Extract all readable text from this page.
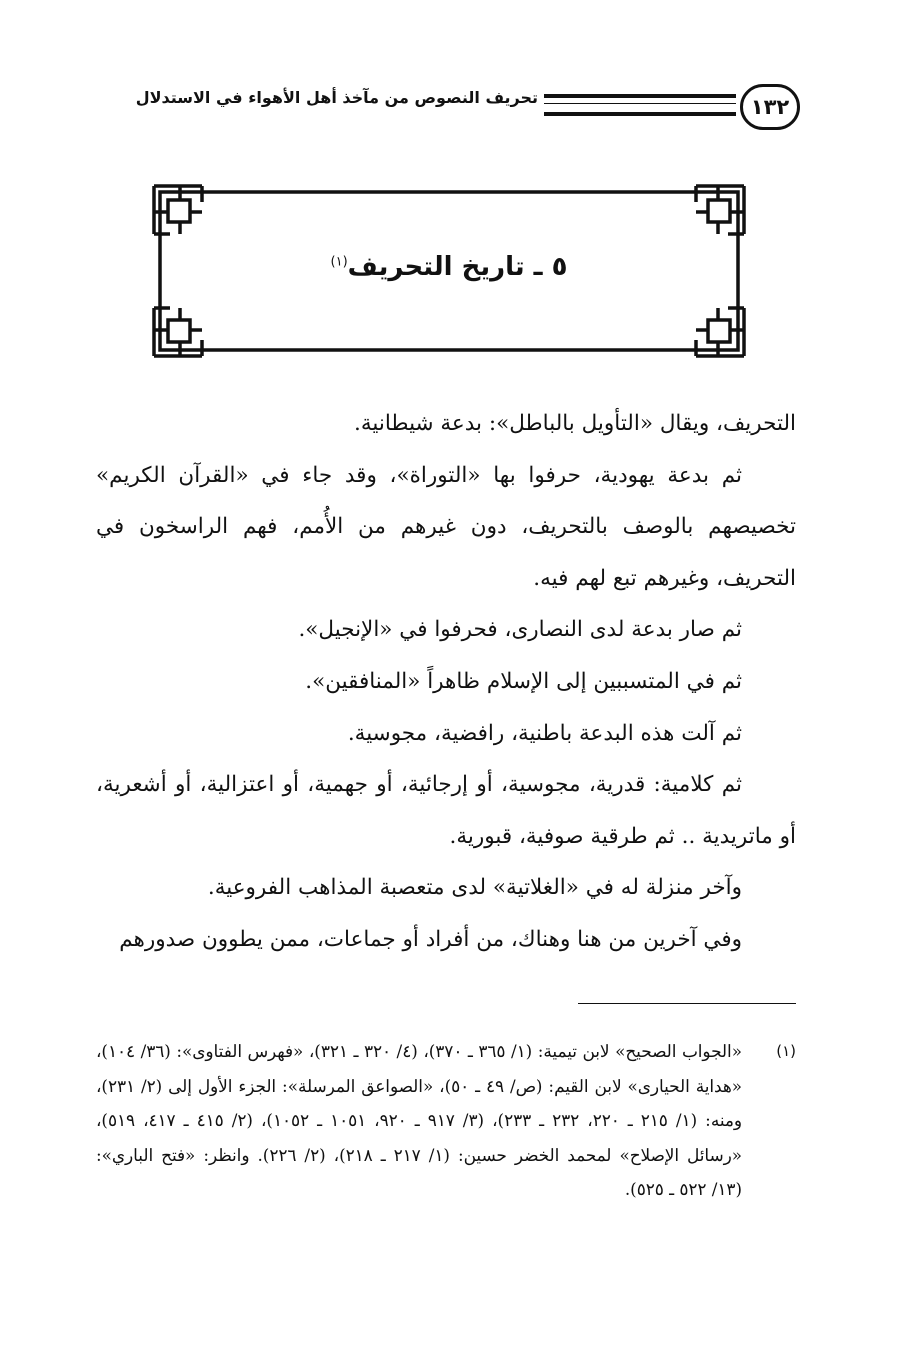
١٣٢
تحريف النصوص من مآخذ أهل الأهواء في الاستدلال
٥ ـ تاريخ التحريف$^{(١)}$

التحريف، ويقال «التأويل بالباطل»: بدعة شيطانية.

ثم بدعة يهودية، حرفوا بها «التوراة»، وقد جاء في «القرآن الكريم» تخصيصهم بالوصف بالتحريف، دون غيرهم من الأُمم، فهم الراسخون في التحريف، وغيرهم تبع لهم فيه.

ثم صار بدعة لدى النصارى، فحرفوا في «الإنجيل».

ثم في المتسببين إلى الإسلام ظاهراً «المنافقين».

ثم آلت هذه البدعة باطنية، رافضية، مجوسية.

ثم كلامية: قدرية، مجوسية، أو إرجائية، أو جهمية، أو اعتزالية، أو أشعرية، أو ماتريدية .. ثم طرقية صوفية، قبورية.

وآخر منزلة له في «الغلاتية» لدى متعصبة المذاهب الفروعية.

وفي آخرين من هنا وهناك، من أفراد أو جماعات، ممن يطوون صدورهم

(١)
«الجواب الصحيح» لابن تيمية: (١/ ٣٦٥ ـ ٣٧٠)، (٤/ ٣٢٠ ـ ٣٢١)، «فهرس الفتاوى»: (٣٦/ ١٠٤)، «هداية الحيارى» لابن القيم: (ص/ ٤٩ ـ ٥٠)، «الصواعق المرسلة»: الجزء الأول إلى (٢/ ٢٣١)، ومنه: (١/ ٢١٥ ـ ٢٢٠، ٢٣٢ ـ ٢٣٣)، (٣/ ٩١٧ ـ ٩٢٠، ١٠٥١ ـ ١٠٥٢)، (٢/ ٤١٥ ـ ٤١٧، ٥١٩)، «رسائل الإصلاح» لمحمد الخضر حسين: (١/ ٢١٧ ـ ٢١٨)، (٢/ ٢٢٦). وانظر: «فتح الباري»: (١٣/ ٥٢٢ ـ ٥٢٥).
